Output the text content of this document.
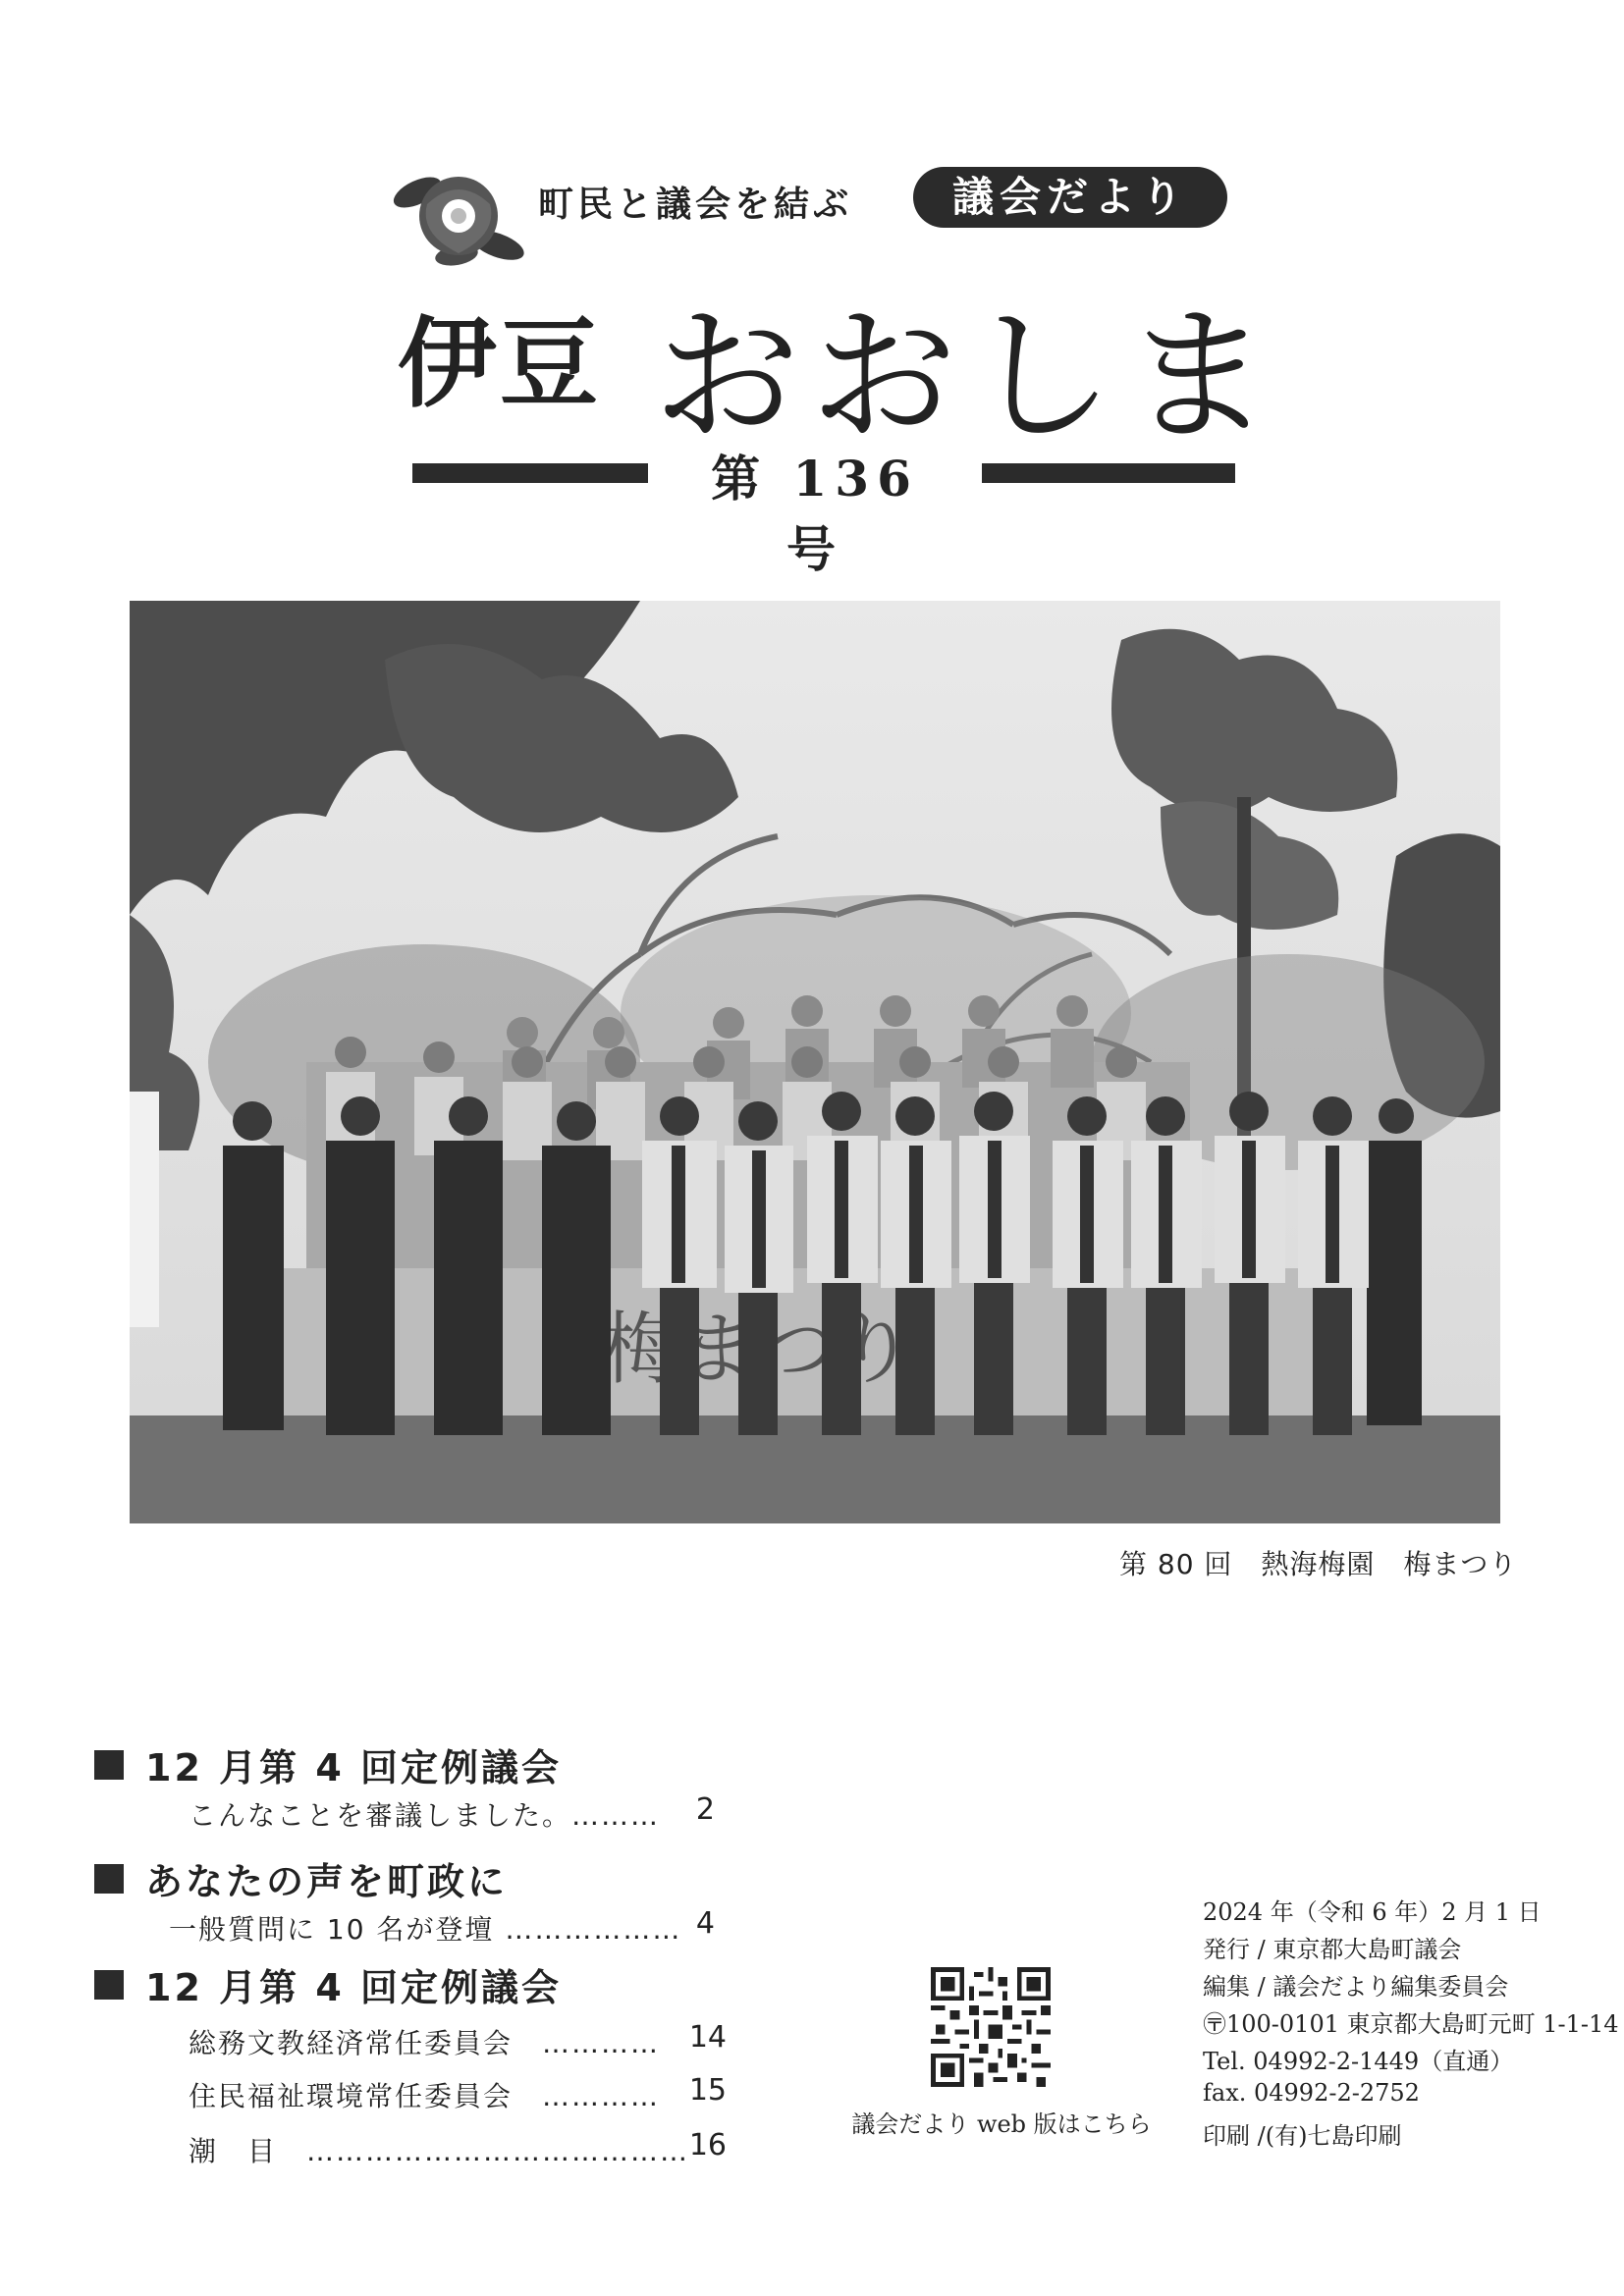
町民と議会を結ぶ	議会だより
伊豆 おおしま
第 136 号
第 80 回　熱海梅園　梅まつり
12 月第 4 回定例議会
こんなことを審議しました。………	2
あなたの声を町政に
一般質問に 10 名が登壇 ……………… 4
12 月第 4 回定例議会
総務文教経済常任委員会　………… 14
住民福祉環境常任委員会　………… 15
潮　目　………………………………… 16
議会だより web 版はこちら
2024 年（令和 6 年）2 月 1 日
発行 / 東京都大島町議会
編集 / 議会だより編集委員会
〶100-0101 東京都大島町元町 1-1-14
Tel. 04992-2-1449（直通）
fax. 04992-2-2752
印刷 /(有)七島印刷
